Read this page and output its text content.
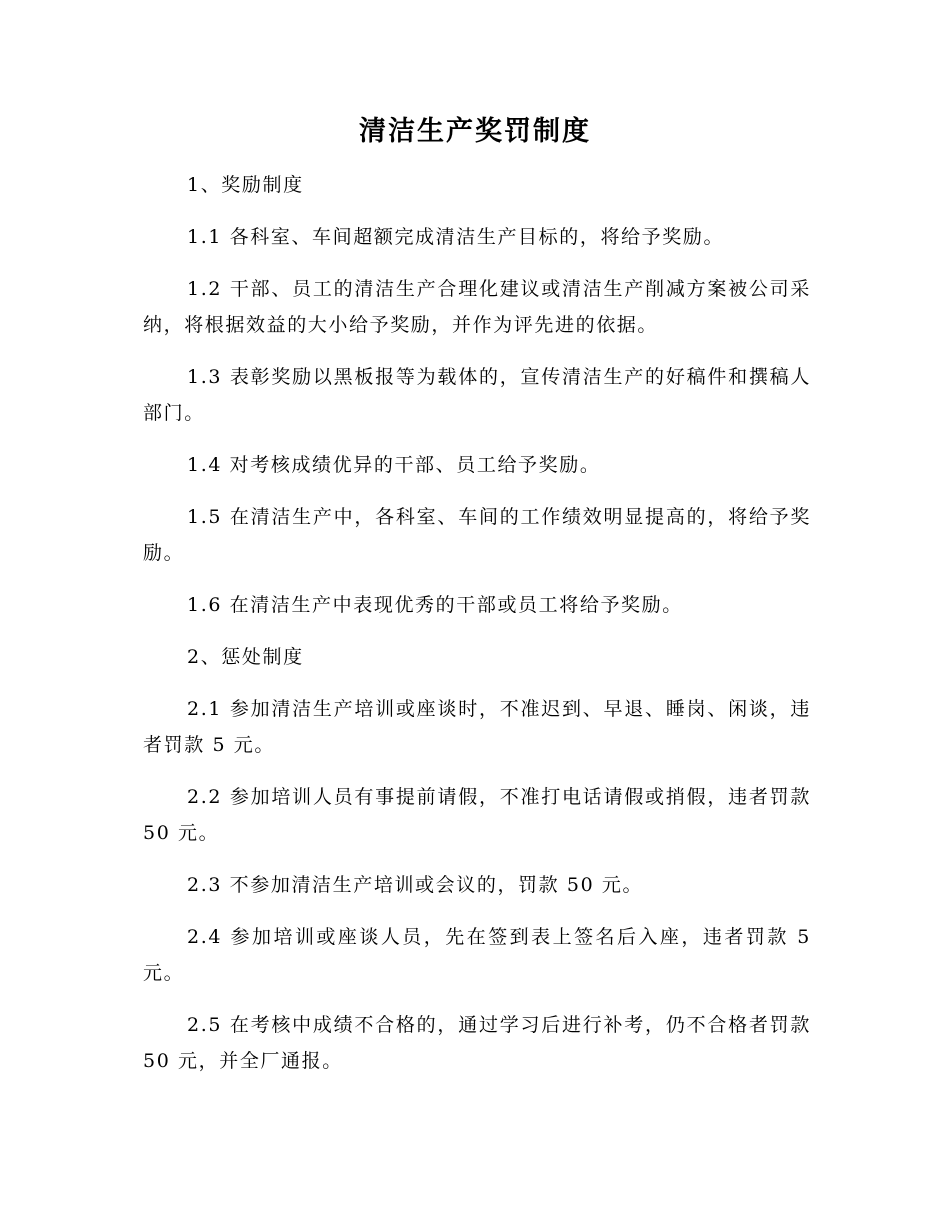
清洁生产奖罚制度

1、奖励制度

1.1 各科室、车间超额完成清洁生产目标的，将给予奖励。

1.2 干部、员工的清洁生产合理化建议或清洁生产削减方案被公司采纳，将根据效益的大小给予奖励，并作为评先进的依据。

1.3 表彰奖励以黑板报等为载体的，宣传清洁生产的好稿件和撰稿人部门。

1.4 对考核成绩优异的干部、员工给予奖励。

1.5 在清洁生产中，各科室、车间的工作绩效明显提高的，将给予奖励。

1.6 在清洁生产中表现优秀的干部或员工将给予奖励。

2、惩处制度

2.1 参加清洁生产培训或座谈时，不准迟到、早退、睡岗、闲谈，违者罚款 5 元。

2.2 参加培训人员有事提前请假，不准打电话请假或捎假，违者罚款 50 元。

2.3 不参加清洁生产培训或会议的，罚款 50 元。

2.4 参加培训或座谈人员，先在签到表上签名后入座，违者罚款 5 元。

2.5 在考核中成绩不合格的，通过学习后进行补考，仍不合格者罚款 50 元，并全厂通报。
